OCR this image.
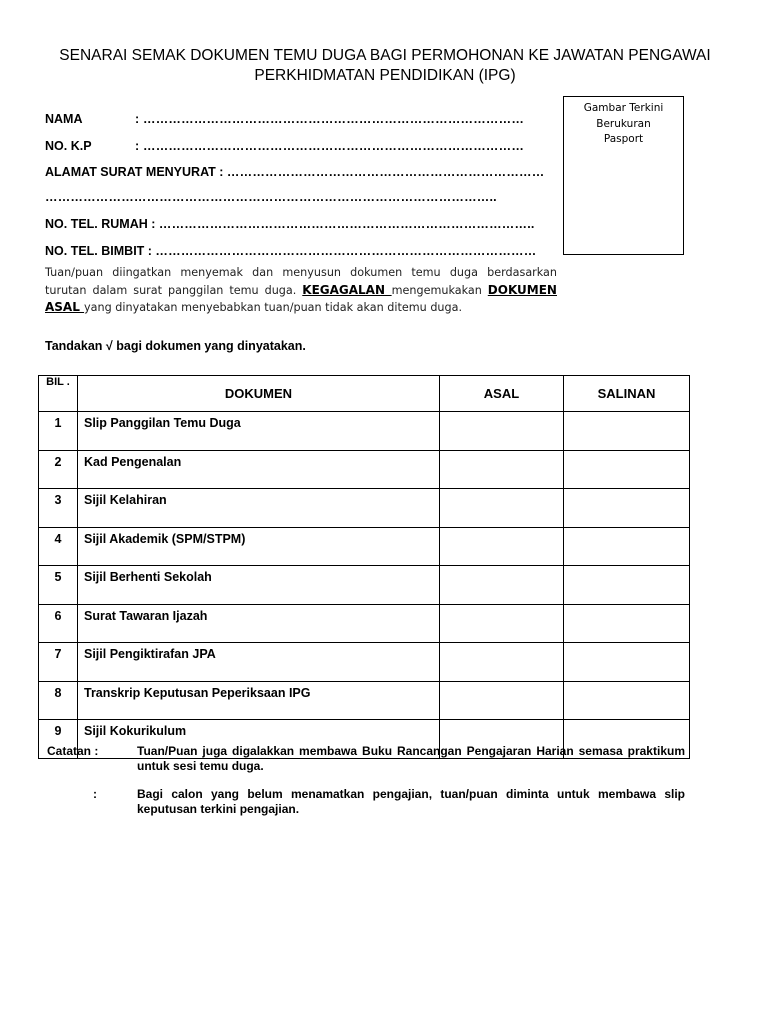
SENARAI SEMAK DOKUMEN TEMU DUGA BAGI PERMOHONAN KE JAWATAN PENGAWAI
PERKHIDMATAN PENDIDIKAN (IPG)
NAMA	: ………………………………………………………………………………
NO. K.P	: ………………………………………………………………………………
ALAMAT SURAT MENYURAT : …………………………………………………………………
……………………………………………………………………………………………..
NO. TEL. RUMAH : ……………………………………………………………………………..
NO. TEL. BIMBIT : ………………………………………………………………………………
Gambar Terkini
Berukuran
Pasport
Tuan/puan diingatkan menyemak dan menyusun dokumen temu duga berdasarkan turutan dalam surat panggilan temu duga. KEGAGALAN mengemukakan DOKUMEN ASAL yang dinyatakan menyebabkan tuan/puan tidak akan ditemu duga.
Tandakan √ bagi dokumen yang dinyatakan.
BIL .	DOKUMEN	ASAL	SALINAN
1	Slip Panggilan Temu Duga		
2	Kad Pengenalan		
3	Sijil Kelahiran		
4	Sijil Akademik (SPM/STPM)		
5	Sijil Berhenti Sekolah		
6	Surat Tawaran Ijazah		
7	Sijil Pengiktirafan JPA		
8	Transkrip Keputusan Peperiksaan IPG		
9	Sijil Kokurikulum		
Catatan :	Tuan/Puan juga digalakkan membawa Buku Rancangan Pengajaran Harian semasa praktikum untuk sesi temu duga.
:	Bagi calon yang belum menamatkan pengajian, tuan/puan diminta untuk membawa slip keputusan terkini pengajian.
